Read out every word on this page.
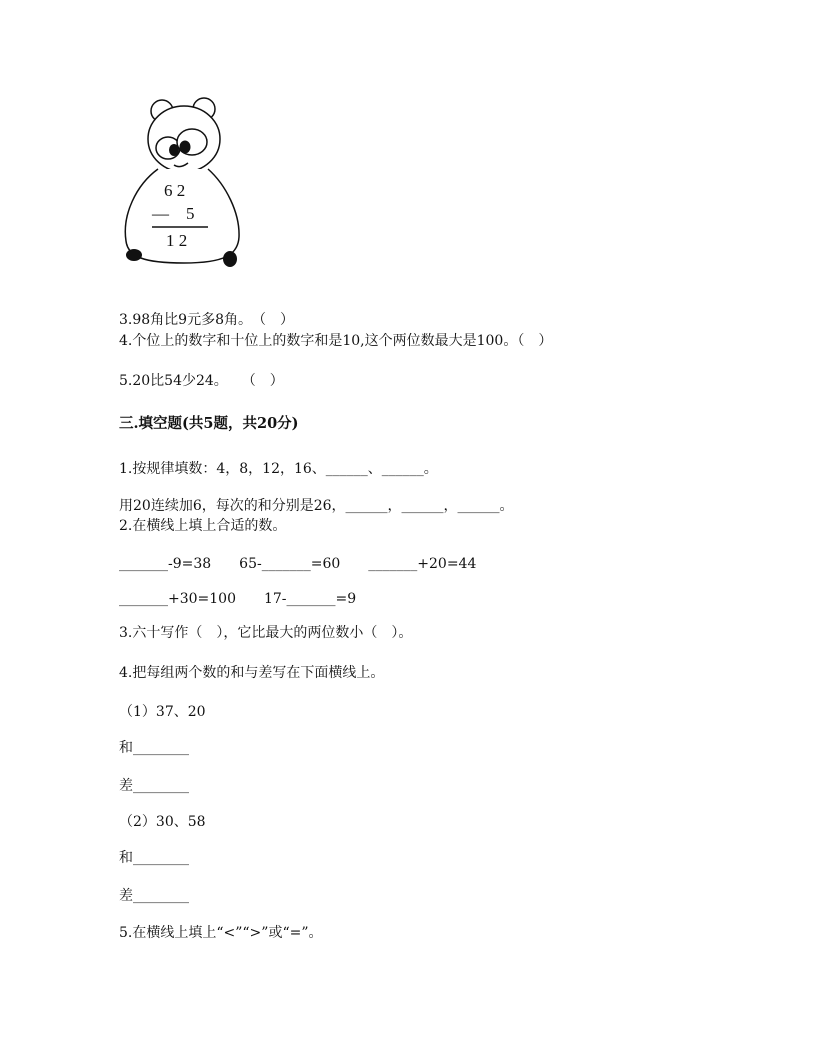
6 2
— 5
1 2
3.98角比9元多8角。　（　）
4.个位上的数字和十位上的数字和是10,这个两位数最大是100。（　）
5.20比54少24。　　（　）
三.填空题(共5题，共20分)
1.按规律填数：4，8，12，16、______、______。
用20连续加6，每次的和分别是26，______，______，______。
2.在横线上填上合适的数。
_______-9=38　　65-_______=60　　_______+20=44
_______+30=100　　17-_______=9
3.六十写作（　），它比最大的两位数小（　）。
4.把每组两个数的和与差写在下面横线上。
（1）37、20
和________
差________
（2）30、58
和________
差________
5.在横线上填上“<”“>”或“=”。
